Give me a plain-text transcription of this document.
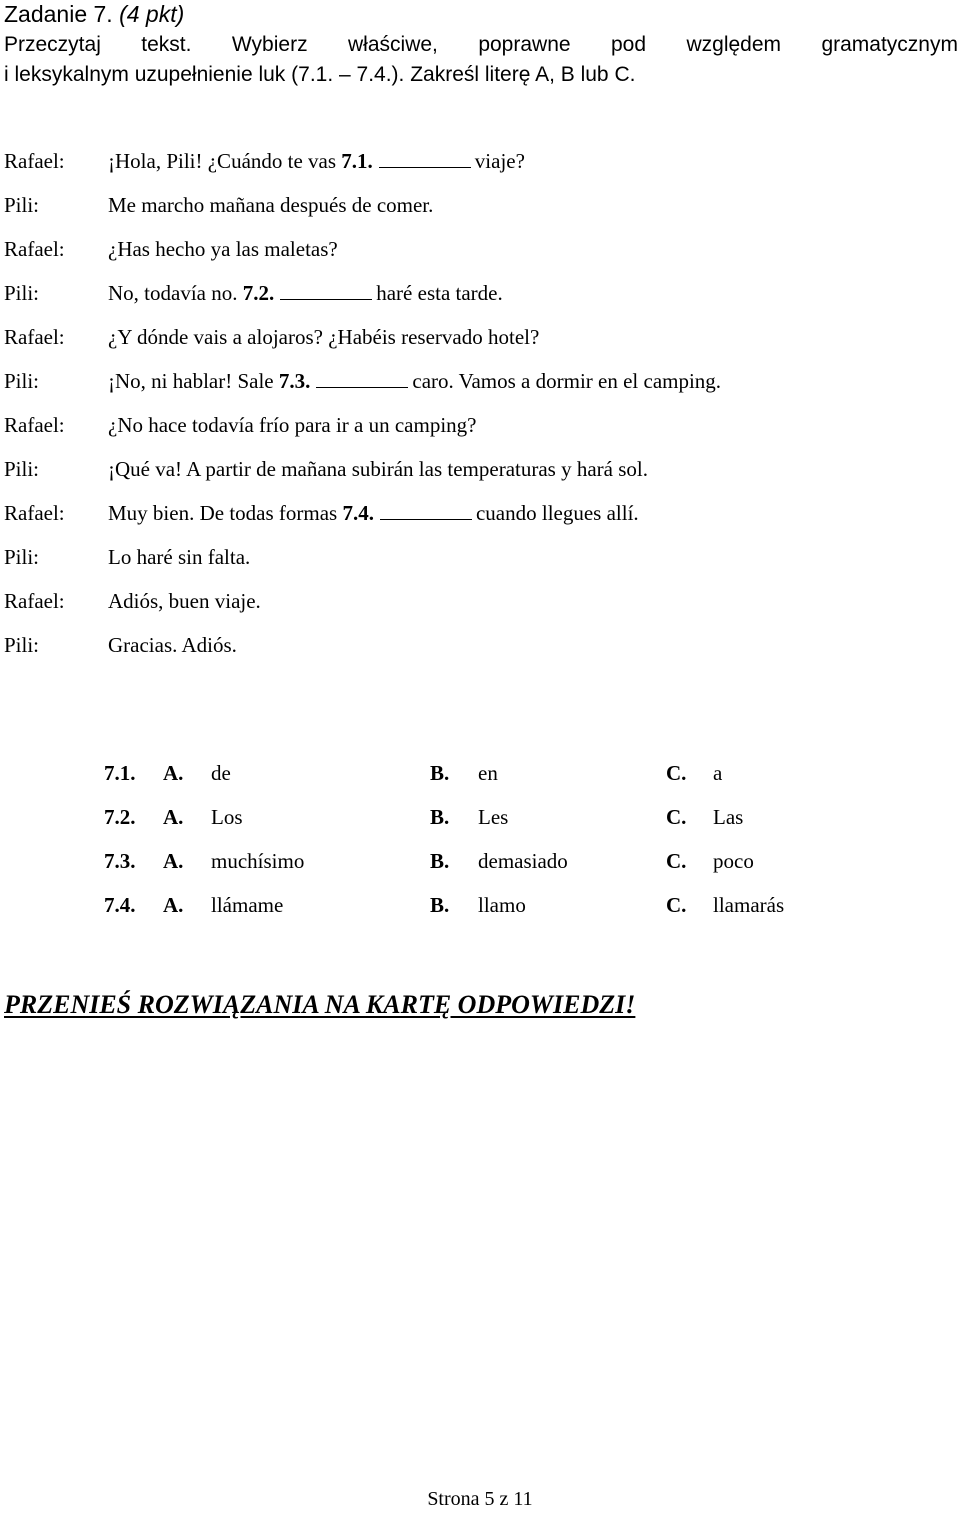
Zadanie 7. (4 pkt)
Przeczytaj tekst. Wybierz właściwe, poprawne pod względem gramatycznym
i leksykalnym uzupełnienie luk (7.1. – 7.4.). Zakreśl literę A, B lub C.
Rafael: ¡Hola, Pili! ¿Cuándo te vas 7.1.	viaje?
Pili:	Me marcho mañana después de comer.
Rafael: ¿Has hecho ya las maletas?
Pili:	No, todavía no. 7.2.	haré esta tarde.
Rafael: ¿Y dónde vais a alojaros? ¿Habéis reservado hotel?
Pili:	¡No, ni hablar! Sale 7.3.	caro. Vamos a dormir en el camping.
Rafael: ¿No hace todavía frío para ir a un camping?
Pili:	¡Qué va! A partir de mañana subirán las temperaturas y hará sol.
Rafael: Muy bien. De todas formas 7.4.	cuando llegues allí.
Pili:	Lo haré sin falta.
Rafael: Adiós, buen viaje.
Pili:	Gracias. Adiós.
7.1. A. de	B. en	C. a
7.2. A. Los	B. Les	C. Las
7.3. A. muchísimo	B. demasiado	C. poco
7.4. A. llámame	B. llamo	C. llamarás
PRZENIEŚ ROZWIĄZANIA NA KARTĘ ODPOWIEDZI!
Strona 5 z 11
